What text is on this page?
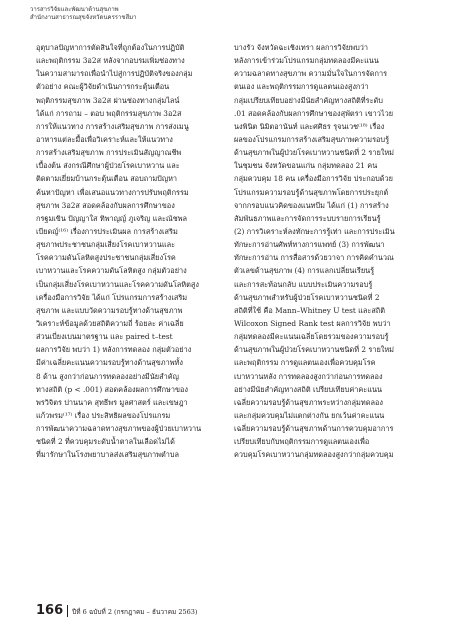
วารสารวิจัยและพัฒนาด้านสุขภาพ
สำนักงานสาธารณสุขจังหวัดนครราชสีมา
อุตุบาลปัญหาการตัดสินใจที่ถูกต้องในการปฏิบัติ
และพฤติกรรม 3อ2ส หลังจากอบรมเพิ่มช่องทาง
ในความสามารถเพื่อนำไปสู่การปฏิบัติจริงของกลุ่ม
ตัวอย่าง คณะผู้วิจัยดำเนินการกระตุ้นเตือน
พฤติกรรมสุขภาพ 3อ2ส ผ่านช่องทางกลุ่มไลน์
ได้แก่ การถาม – ตอบ พฤติกรรมสุขภาพ 3อ2ส
การให้แนวทาง การสร้างเสริมสุขภาพ การส่งเมนู
อาหารแต่ละมื้อเพื่อวิเคราะห์และให้แนวทาง
การสร้างเสริมสุขภาพ การประเมินสัญญาณชีพ
เบื้องต้น ส่งกรณีศึกษาผู้ป่วยโรคเบาหวาน และ
ติดตามเยี่ยมบ้านกระตุ้นเตือน สอบถามปัญหา
ค้นหาปัญหา เพื่อเสนอแนวทางการปรับพฤติกรรม
สุขภาพ 3อ2ส สอดคล้องกับผลการศึกษาของ
กรฐมเขิน ปัญญาใส ทิพาญญ์ ภูเจริญ และณัชพล
เบียดญ์⁽¹⁶⁾ เรื่องการประเมินผล การสร้างเสริม
สุขภาพประชาชนกลุ่มเสี่ยงโรคเบาหวานและ
โรคความดันโลหิตสูงประชาชนกลุ่มเสี่ยงโรค
เบาหวานและโรคความดันโลหิตสูง กลุ่มตัวอย่าง
เป็นกลุ่มเสี่ยงโรคเบาหวานและโรคความดันโลหิตสูง
เครื่องมือการวิจัย ได้แก่ โปรแกรมการสร้างเสริม
สุขภาพ และแบบวัดความรอบรู้ทางด้านสุขภาพ
วิเคราะห์ข้อมูลด้วยสถิติความถี่ ร้อยละ ค่าเฉลี่ย
ส่วนเบี่ยงเบนมาตรฐาน และ paired t–test
ผลการวิจัย พบว่า 1) หลังการทดลอง กลุ่มตัวอย่าง
มีค่าเฉลี่ยคะแนนความรอบรู้ทางด้านสุขภาพทั้ง
8 ด้าน สูงกว่าก่อนการทดลองอย่างมีนัยสำคัญ
ทางสถิติ (p < .001) สอดคล้องผลการศึกษาของ
พรวิจิตร ปานนาค สุทธีพร มูลศาสตร์ และเขษฎา
แก้วพรม⁽¹⁷⁾ เรื่อง ประสิทธิผลของโปรแกรม
การพัฒนาความฉลาดทางสุขภาพของผู้ป่วยเบาหวาน
ชนิดที่ 2 ที่ควบคุมระดับน้ำตาลในเลือดไม่ได้
ที่มารักษาในโรงพยาบาลส่งเสริมสุขภาพตำบล
บางรัว จังหวัดฉะเชิงเทรา ผลการวิจัยพบว่า
หลังการเข้าร่วมโปรแกรมกลุ่มทดลองมีคะแนน
ความฉลาดทางสุขภาพ ความมั่นใจในการจัดการ
ตนเอง และพฤติกรรมการดูแลตนเองสูงกว่า
กลุ่มเปรียบเทียบอย่างมีนัยสำคัญทางสถิติที่ระดับ
.01 สอดคล้องกับผลการศึกษาของสุพัตรา เขาวไวย
นงพินิต นิมิตอานันท์ และศศิธร รุจนเวช⁽¹⁸⁾ เรื่อง
ผลของโปรแกรมการสร้างเสริมสุขภาพความรอบรู้
ด้านสุขภาพในผู้ป่วยโรคเบาหวานชนิดที่ 2 รายใหม่
ในชุมชน จังหวัดขอนแก่น กลุ่มทดลอง 21 คน
กลุ่มควบคุม 18 คน เครื่องมือการวิจัย ประกอบด้วย
โปรแกรมความรอบรู้ด้านสุขภาพโดยการประยุกต์
จากกรอบแนวคิดของแนทบีม ได้แก่ (1) การสร้าง
สัมพันธภาพและการจัดการระบบรายการเรียนรู้
(2) การวิเคราะห์ลงทักษะการรู้เท่า และการประเมิน
ทักษะการอ่านศัพท์ทางการแพทย์ (3) การพัฒนา
ทักษะการอ่าน การสื่อสารด้วยวาจา การคิดคำนวณ
ตัวเลขด้านสุขภาพ (4) การแลกเปลี่ยนเรียนรู้
และการสะท้อนกลับ แบบประเมินความรอบรู้
ด้านสุขภาพสำหรับผู้ป่วยโรคเบาหวานชนิดที่ 2
สถิติที่ใช้ คือ Mann–Whitney U test และสถิติ
Wilcoxon Signed Rank test ผลการวิจัย พบว่า
กลุ่มทดลองมีคะแนนเฉลี่ยโดยรวมของความรอบรู้
ด้านสุขภาพในผู้ป่วยโรคเบาหวานชนิดที่ 2 รายใหม่
และพฤติกรรม การดูแลตนเองเพื่อควบคุมโรค
เบาหวานหลัง การทดลองสูงกว่าก่อนการทดลอง
อย่างมีนัยสำคัญทางสถิติ เปรียบเทียบค่าคะแนน
เฉลี่ยความรอบรู้ด้านสุขภาพระหว่างกลุ่มทดลอง
และกลุ่มควบคุมไม่แตกต่างกัน ยกเว้นค่าคะแนน
เฉลี่ยความรอบรู้ด้านสุขภาพด้านการควบคุมอาการ
เปรียบเทียบกับพฤติกรรมการดูแลตนเองเพื่อ
ควบคุมโรคเบาหวานกลุ่มทดลองสูงกว่ากลุ่มควบคุม
166 ปีที่ 6 ฉบับที่ 2 (กรกฎาคม – ธันวาคม 2563)
